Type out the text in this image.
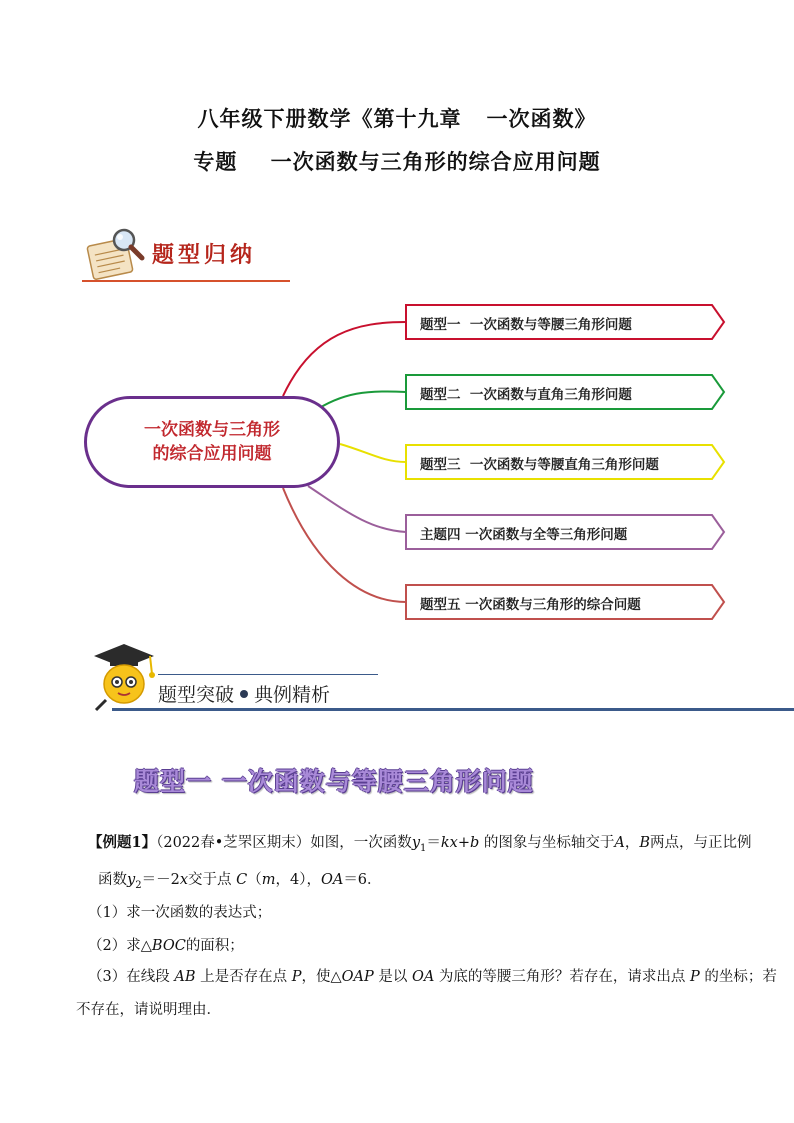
八年级下册数学《第十九章   一次函数》
专题    一次函数与三角形的综合应用问题
题型归纳
一次函数与三角形
的综合应用问题
题型一  一次函数与等腰三角形问题
题型二  一次函数与直角三角形问题
题型三  一次函数与等腰直角三角形问题
主题四 一次函数与全等三角形问题
题型五 一次函数与三角形的综合问题
题型突破 典例精析
题型一 一次函数与等腰三角形问题
【例题1】（2022春•芝罘区期末）如图，一次函数$y_1=kx+b$ 的图象与坐标轴交于A，B两点，与正比例
函数$y_2=-2x$交于点 C（m，4），OA＝6．
（1）求一次函数的表达式；
（2）求△BOC的面积；
（3）在线段 AB 上是否存在点 P，使△OAP 是以 OA 为底的等腰三角形？若存在，请求出点 P 的坐标；若
不存在，请说明理由．
